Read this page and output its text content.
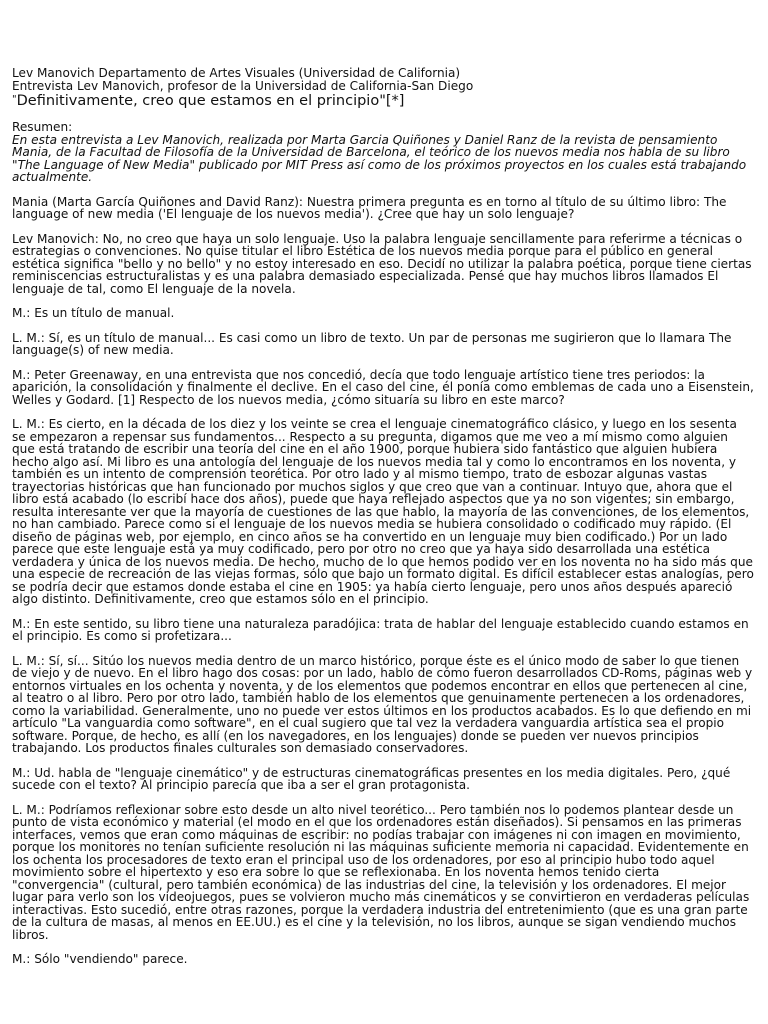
Lev Manovich Departamento de Artes Visuales (Universidad de California)

Entrevista Lev Manovich, profesor de la Universidad de California-San Diego

"Definitivamente, creo que estamos en el principio"[*]

Resumen:

En esta entrevista a Lev Manovich, realizada por Marta Garcia Quiñones y Daniel Ranz de la revista de pensamiento Mania, de la Facultad de Filosofía de la Universidad de Barcelona, el teórico de los nuevos media nos habla de su libro "The Language of New Media" publicado por MIT Press así como de los próximos proyectos en los cuales está trabajando actualmente.

Mania (Marta García Quiñones and David Ranz): Nuestra primera pregunta es en torno al título de su último libro: The language of new media ('El lenguaje de los nuevos media'). ¿Cree que hay un solo lenguaje?

Lev Manovich: No, no creo que haya un solo lenguaje. Uso la palabra lenguaje sencillamente para referirme a técnicas o estrategias o convenciones. No quise titular el libro Estética de los nuevos media porque para el público en general estética significa "bello y no bello" y no estoy interesado en eso. Decidí no utilizar la palabra poética, porque tiene ciertas reminiscencias estructuralistas y es una palabra demasiado especializada. Pensé que hay muchos libros llamados El lenguaje de tal, como El lenguaje de la novela.

M.: Es un título de manual.

L. M.: Sí, es un título de manual... Es casi como un libro de texto. Un par de personas me sugirieron que lo llamara The language(s) of new media.

M.: Peter Greenaway, en una entrevista que nos concedió, decía que todo lenguaje artístico tiene tres periodos: la aparición, la consolidación y finalmente el declive. En el caso del cine, él ponía como emblemas de cada uno a Eisenstein, Welles y Godard. [1] Respecto de los nuevos media, ¿cómo situaría su libro en este marco?

L. M.: Es cierto, en la década de los diez y los veinte se crea el lenguaje cinematográfico clásico, y luego en los sesenta se empezaron a repensar sus fundamentos... Respecto a su pregunta, digamos que me veo a mí mismo como alguien que está tratando de escribir una teoría del cine en el año 1900, porque hubiera sido fantástico que alguien hubiera hecho algo así. Mi libro es una antología del lenguaje de los nuevos media tal y como lo encontramos en los noventa, y también es un intento de comprensión teorética. Por otro lado y al mismo tiempo, trato de esbozar algunas vastas trayectorias históricas que han funcionado por muchos siglos y que creo que van a continuar. Intuyo que, ahora que el libro está acabado (lo escribí hace dos años), puede que haya reflejado aspectos que ya no son vigentes; sin embargo, resulta interesante ver que la mayoría de cuestiones de las que hablo, la mayoría de las convenciones, de los elementos, no han cambiado. Parece como si el lenguaje de los nuevos media se hubiera consolidado o codificado muy rápido. (El diseño de páginas web, por ejemplo, en cinco años se ha convertido en un lenguaje muy bien codificado.) Por un lado parece que este lenguaje está ya muy codificado, pero por otro no creo que ya haya sido desarrollada una estética verdadera y única de los nuevos media. De hecho, mucho de lo que hemos podido ver en los noventa no ha sido más que una especie de recreación de las viejas formas, sólo que bajo un formato digital. Es difícil establecer estas analogías, pero se podría decir que estamos donde estaba el cine en 1905: ya había cierto lenguaje, pero unos años después apareció algo distinto. Definitivamente, creo que estamos sólo en el principio.

M.: En este sentido, su libro tiene una naturaleza paradójica: trata de hablar del lenguaje establecido cuando estamos en el principio. Es como si profetizara...

L. M.: Sí, sí... Sitúo los nuevos media dentro de un marco histórico, porque éste es el único modo de saber lo que tienen de viejo y de nuevo. En el libro hago dos cosas: por un lado, hablo de cómo fueron desarrollados CD-Roms, páginas web y entornos virtuales en los ochenta y noventa, y de los elementos que podemos encontrar en ellos que pertenecen al cine, al teatro o al libro. Pero por otro lado, también hablo de los elementos que genuinamente pertenecen a los ordenadores, como la variabilidad. Generalmente, uno no puede ver estos últimos en los productos acabados. Es lo que defiendo en mi artículo "La vanguardia como software", en el cual sugiero que tal vez la verdadera vanguardia artística sea el propio software. Porque, de hecho, es allí (en los navegadores, en los lenguajes) donde se pueden ver nuevos principios trabajando. Los productos finales culturales son demasiado conservadores.

M.: Ud. habla de "lenguaje cinemático" y de estructuras cinematográficas presentes en los media digitales. Pero, ¿qué sucede con el texto? Al principio parecía que iba a ser el gran protagonista.

L. M.: Podríamos reflexionar sobre esto desde un alto nivel teorético... Pero también nos lo podemos plantear desde un punto de vista económico y material (el modo en el que los ordenadores están diseñados). Si pensamos en las primeras interfaces, vemos que eran como máquinas de escribir: no podías trabajar con imágenes ni con imagen en movimiento, porque los monitores no tenían suficiente resolución ni las máquinas suficiente memoria ni capacidad. Evidentemente en los ochenta los procesadores de texto eran el principal uso de los ordenadores, por eso al principio hubo todo aquel movimiento sobre el hipertexto y eso era sobre lo que se reflexionaba. En los noventa hemos tenido cierta "convergencia" (cultural, pero también económica) de las industrias del cine, la televisión y los ordenadores. El mejor lugar para verlo son los videojuegos, pues se volvieron mucho más cinemáticos y se convirtieron en verdaderas películas interactivas. Esto sucedió, entre otras razones, porque la verdadera industria del entretenimiento (que es una gran parte de la cultura de masas, al menos en EE.UU.) es el cine y la televisión, no los libros, aunque se sigan vendiendo muchos libros.

M.: Sólo "vendiendo" parece.
